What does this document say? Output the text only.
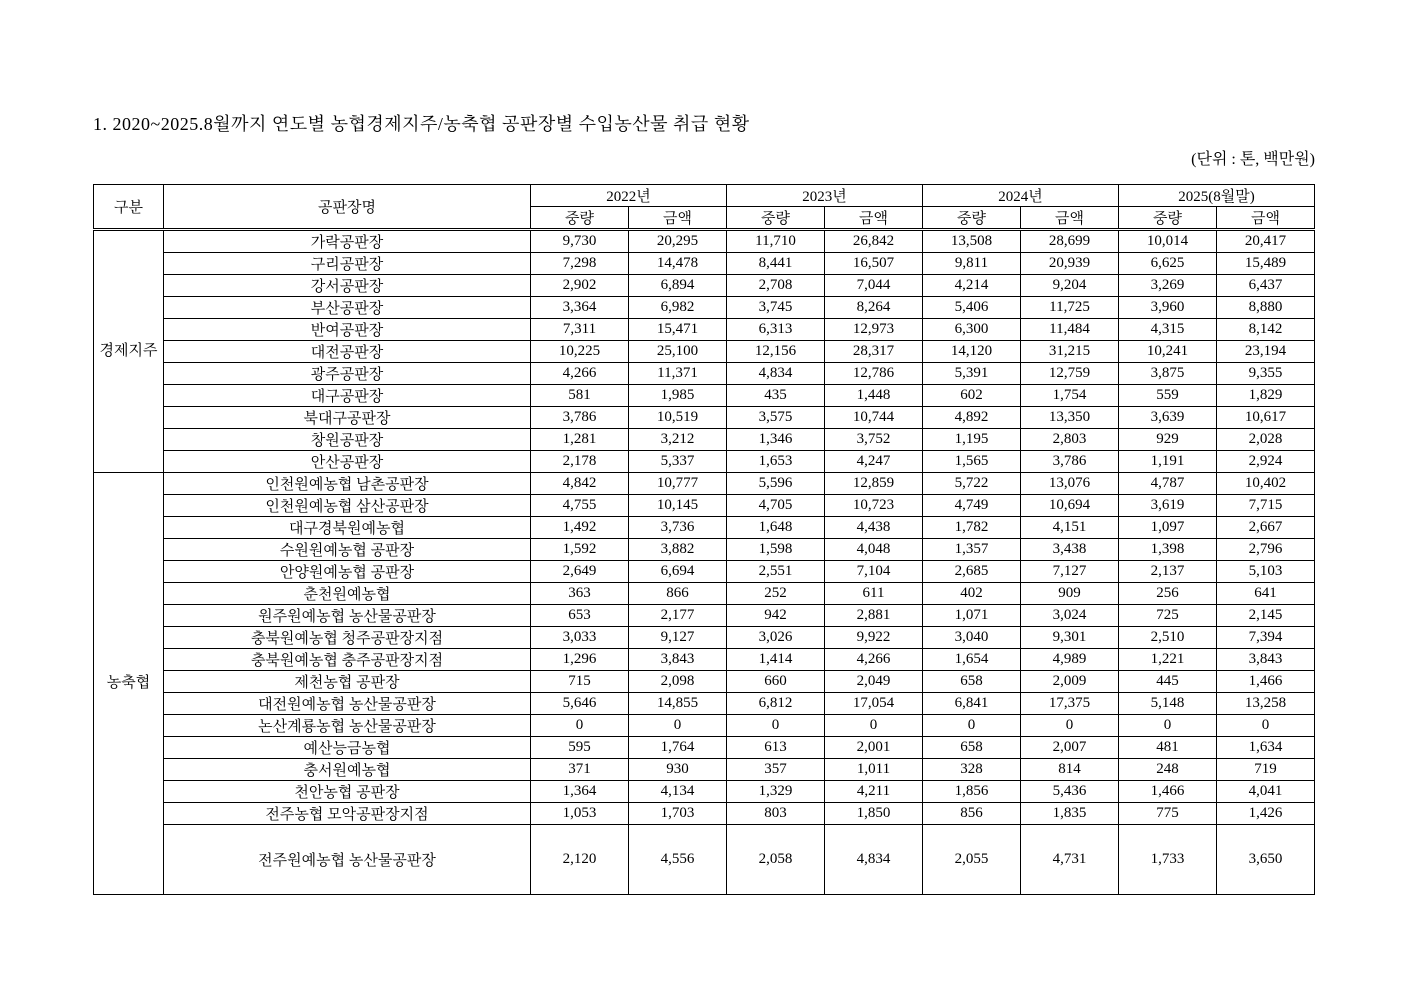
1. 2020~2025.8월까지 연도별 농협경제지주/농축협 공판장별 수입농산물 취급 현황
(단위 : 톤, 백만원)
구분	공판장명	2022년		2023년		2024년		2025(8월말)	
		중량	금액	중량	금액	중량	금액	중량	금액
경제지주	가락공판장	9,730	20,295	11,710	26,842	13,508	28,699	10,014	20,417
	구리공판장	7,298	14,478	8,441	16,507	9,811	20,939	6,625	15,489
	강서공판장	2,902	6,894	2,708	7,044	4,214	9,204	3,269	6,437
	부산공판장	3,364	6,982	3,745	8,264	5,406	11,725	3,960	8,880
	반여공판장	7,311	15,471	6,313	12,973	6,300	11,484	4,315	8,142
	대전공판장	10,225	25,100	12,156	28,317	14,120	31,215	10,241	23,194
	광주공판장	4,266	11,371	4,834	12,786	5,391	12,759	3,875	9,355
	대구공판장	581	1,985	435	1,448	602	1,754	559	1,829
	북대구공판장	3,786	10,519	3,575	10,744	4,892	13,350	3,639	10,617
	창원공판장	1,281	3,212	1,346	3,752	1,195	2,803	929	2,028
	안산공판장	2,178	5,337	1,653	4,247	1,565	3,786	1,191	2,924
농축협	인천원예농협 남촌공판장	4,842	10,777	5,596	12,859	5,722	13,076	4,787	10,402
	인천원예농협 삼산공판장	4,755	10,145	4,705	10,723	4,749	10,694	3,619	7,715
	대구경북원예농협	1,492	3,736	1,648	4,438	1,782	4,151	1,097	2,667
	수원원예농협 공판장	1,592	3,882	1,598	4,048	1,357	3,438	1,398	2,796
	안양원예농협 공판장	2,649	6,694	2,551	7,104	2,685	7,127	2,137	5,103
	춘천원예농협	363	866	252	611	402	909	256	641
	원주원예농협 농산물공판장	653	2,177	942	2,881	1,071	3,024	725	2,145
	충북원예농협 청주공판장지점	3,033	9,127	3,026	9,922	3,040	9,301	2,510	7,394
	충북원예농협 충주공판장지점	1,296	3,843	1,414	4,266	1,654	4,989	1,221	3,843
	제천농협 공판장	715	2,098	660	2,049	658	2,009	445	1,466
	대전원예농협 농산물공판장	5,646	14,855	6,812	17,054	6,841	17,375	5,148	13,258
	논산계룡농협 농산물공판장	0	0	0	0	0	0	0	0
	예산능금농협	595	1,764	613	2,001	658	2,007	481	1,634
	충서원예농협	371	930	357	1,011	328	814	248	719
	천안농협 공판장	1,364	4,134	1,329	4,211	1,856	5,436	1,466	4,041
	전주농협 모악공판장지점	1,053	1,703	803	1,850	856	1,835	775	1,426
	전주원예농협 농산물공판장	2,120	4,556	2,058	4,834	2,055	4,731	1,733	3,650
